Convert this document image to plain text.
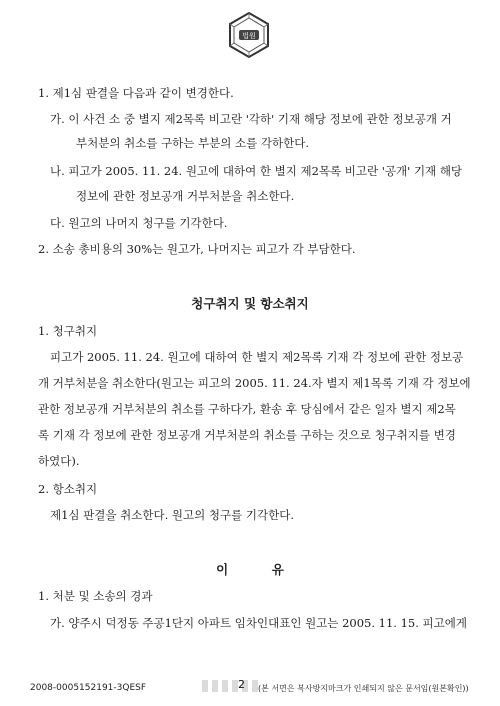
법원
1. 제1심 판결을 다음과 같이 변경한다.
가. 이 사건 소 중 별지 제2목록 비고란 '각하' 기재 해당 정보에 관한 정보공개 거
부처분의 취소를 구하는 부분의 소를 각하한다.
나. 피고가 2005. 11. 24. 원고에 대하여 한 별지 제2목록 비고란 '공개' 기재 해당
정보에 관한 정보공개 거부처분을 취소한다.
다. 원고의 나머지 청구를 기각한다.
2. 소송 총비용의 30%는 원고가, 나머지는 피고가 각 부담한다.
청구취지 및 항소취지
1. 청구취지
피고가 2005. 11. 24. 원고에 대하여 한 별지 제2목록 기재 각 정보에 관한 정보공
개 거부처분을 취소한다(원고는 피고의 2005. 11. 24.자 별지 제1목록 기재 각 정보에
관한 정보공개 거부처분의 취소를 구하다가, 환송 후 당심에서 같은 일자 별지 제2목
록 기재 각 정보에 관한 정보공개 거부처분의 취소를 구하는 것으로 청구취지를 변경
하였다).
2. 항소취지
제1심 판결을 취소한다. 원고의 청구를 기각한다.
이          유
1. 처분 및 소송의 경과
가. 양주시 덕정동 주공1단지 아파트 임차인대표인 원고는 2005. 11. 15. 피고에게
2008-0005152191-3QESF	2 (본 서면은 복사방지마크가 인쇄되지 않은 문서임(원본확인))
